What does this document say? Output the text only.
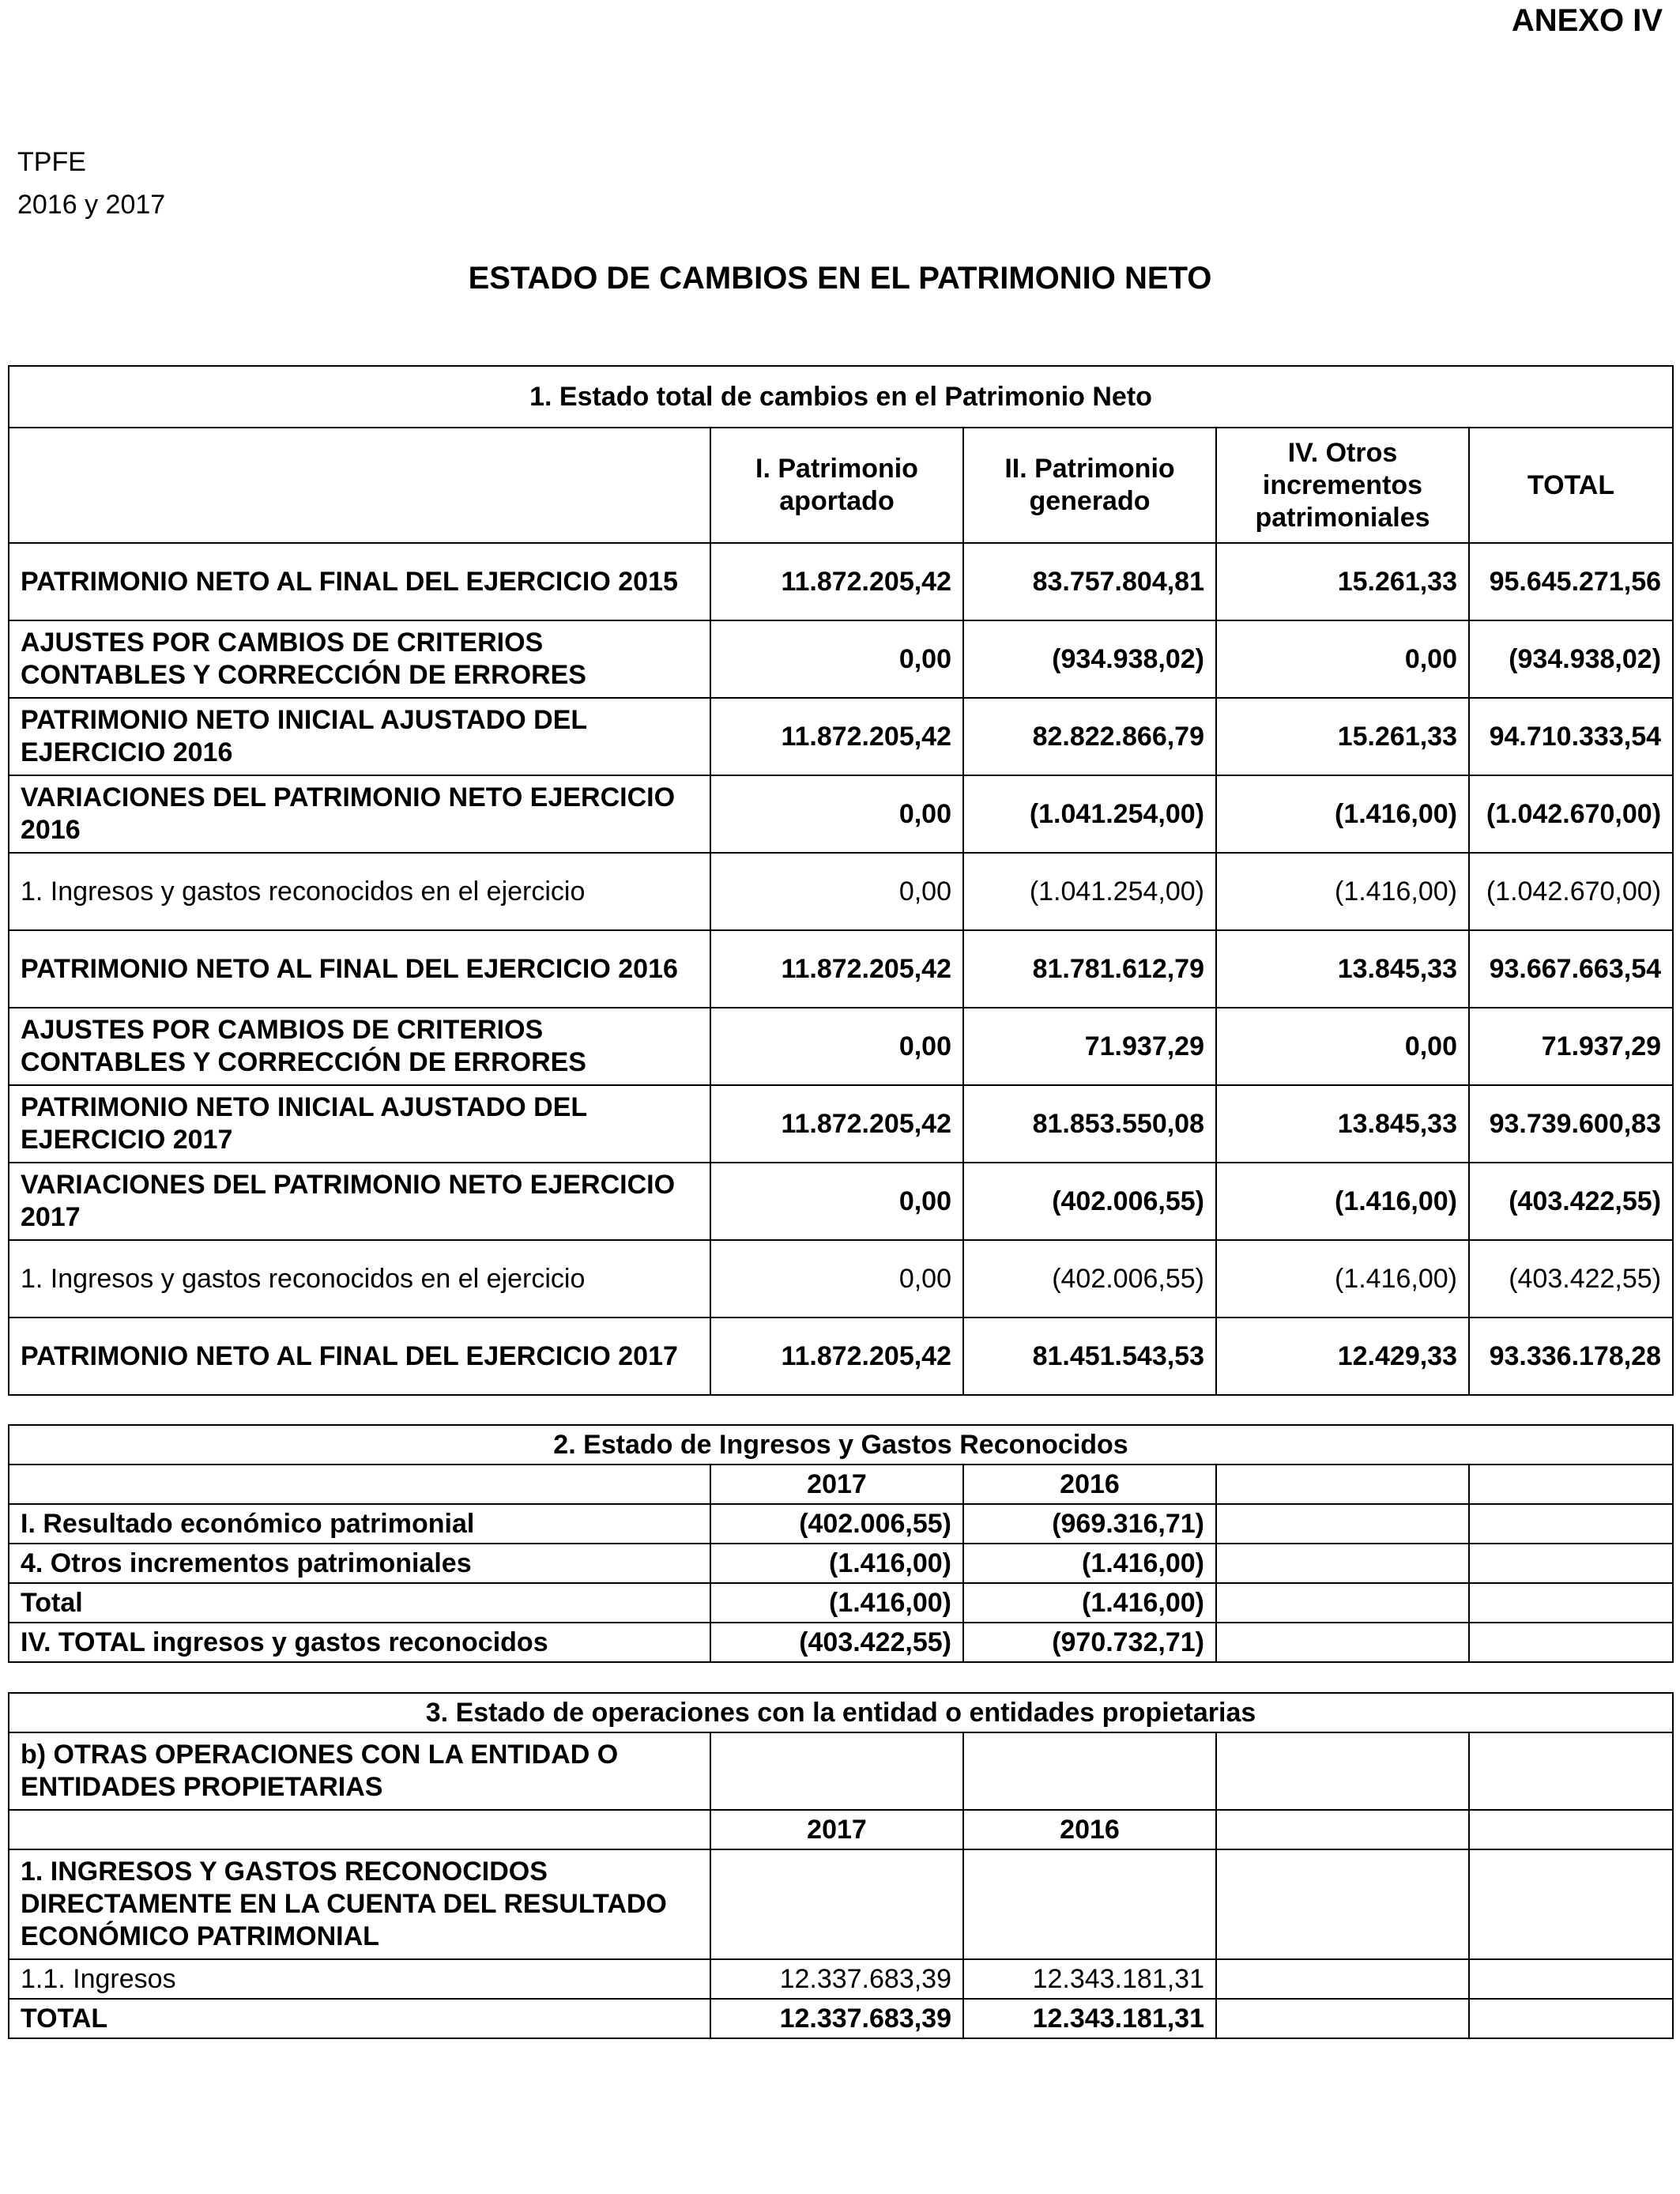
ANEXO IV
TPFE
2016 y 2017
ESTADO DE CAMBIOS EN EL PATRIMONIO NETO
1. Estado total de cambios en el Patrimonio Neto				
	I. Patrimonio aportado	II. Patrimonio generado	IV. Otros incrementos patrimoniales	TOTAL
PATRIMONIO NETO AL FINAL DEL EJERCICIO 2015	11.872.205,42	83.757.804,81	15.261,33	95.645.271,56
AJUSTES POR CAMBIOS DE CRITERIOS CONTABLES Y CORRECCIÓN DE ERRORES	0,00	(934.938,02)	0,00	(934.938,02)
PATRIMONIO NETO INICIAL AJUSTADO DEL EJERCICIO 2016	11.872.205,42	82.822.866,79	15.261,33	94.710.333,54
VARIACIONES DEL PATRIMONIO NETO EJERCICIO 2016	0,00	(1.041.254,00)	(1.416,00)	(1.042.670,00)
1. Ingresos y gastos reconocidos en el ejercicio	0,00	(1.041.254,00)	(1.416,00)	(1.042.670,00)
PATRIMONIO NETO AL FINAL DEL EJERCICIO 2016	11.872.205,42	81.781.612,79	13.845,33	93.667.663,54
AJUSTES POR CAMBIOS DE CRITERIOS CONTABLES Y CORRECCIÓN DE ERRORES	0,00	71.937,29	0,00	71.937,29
PATRIMONIO NETO INICIAL AJUSTADO DEL EJERCICIO 2017	11.872.205,42	81.853.550,08	13.845,33	93.739.600,83
VARIACIONES DEL PATRIMONIO NETO EJERCICIO 2017	0,00	(402.006,55)	(1.416,00)	(403.422,55)
1. Ingresos y gastos reconocidos en el ejercicio	0,00	(402.006,55)	(1.416,00)	(403.422,55)
PATRIMONIO NETO AL FINAL DEL EJERCICIO 2017	11.872.205,42	81.451.543,53	12.429,33	93.336.178,28
2. Estado de Ingresos y Gastos Reconocidos				
	2017	2016		
I. Resultado económico patrimonial	(402.006,55)	(969.316,71)		
4. Otros incrementos patrimoniales	(1.416,00)	(1.416,00)		
Total	(1.416,00)	(1.416,00)		
IV. TOTAL ingresos y gastos reconocidos	(403.422,55)	(970.732,71)		
3. Estado de operaciones con la entidad o entidades propietarias				
b) OTRAS OPERACIONES CON LA ENTIDAD O ENTIDADES PROPIETARIAS				
	2017	2016		
1. INGRESOS Y GASTOS RECONOCIDOS DIRECTAMENTE EN LA CUENTA DEL RESULTADO ECONÓMICO PATRIMONIAL				
1.1. Ingresos	12.337.683,39	12.343.181,31		
TOTAL	12.337.683,39	12.343.181,31		
